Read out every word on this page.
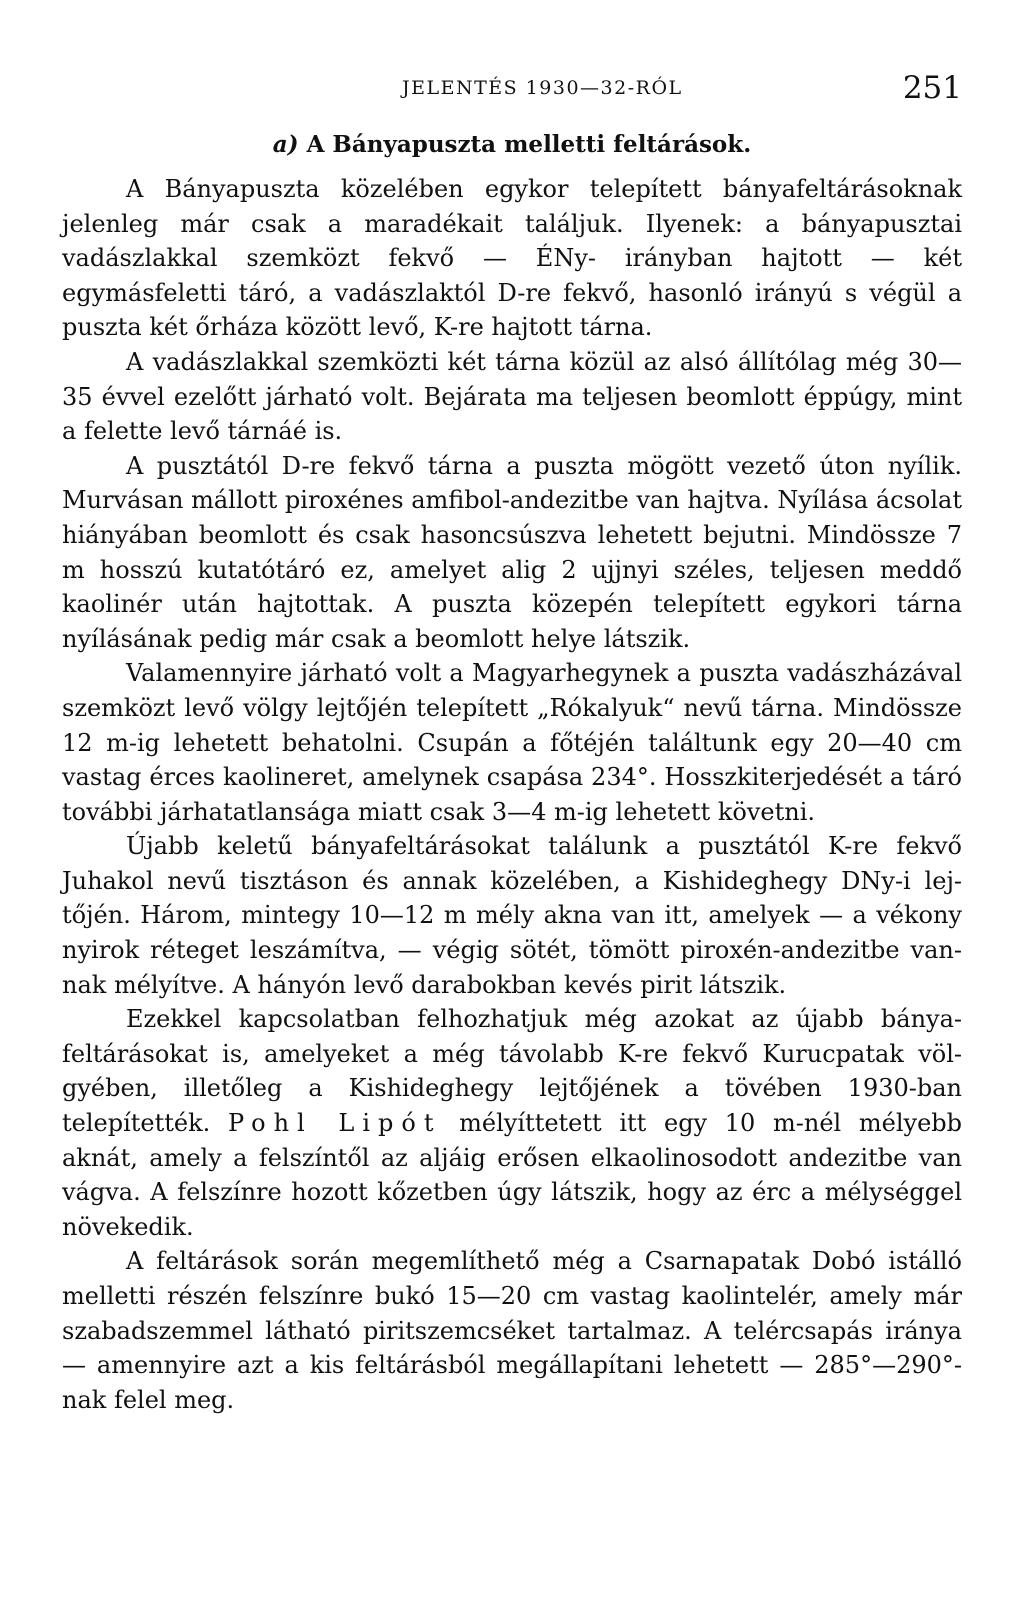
JELENTÉS 1930—32-RÓL	251
a) A Bányapuszta melletti feltárások.

A Bányapuszta közelében egykor telepített bányafeltárásoknak jelenleg már csak a maradékait találjuk. Ilyenek: a bányapusztai vadászlakkal szemközt fekvő — ÉNy- irányban hajtott — két egymásfeletti tárό, a vadászlaktól D-re fekvő, hasonló irányú s végül a puszta két őrháza között levő, K-re hajtott tárna.

A vadászlakkal szemközti két tárna közül az alsó állítólag még 30—35 évvel ezelőtt járható volt. Bejárata ma teljesen beomlott éppúgy, mint a felette levő tárnáé is.

A pusztától D-re fekvő tárna a puszta mögött vezető úton nyílik. Murvásan mállott piroxénes amfibol-andezitbe van hajtva. Nyílása ácsolat hiányában beomlott és csak hasoncsúszva lehetett bejutni. Mindössze 7 m hosszú kutatótáró ez, amelyet alig 2 ujjnyi széles, teljesen meddő kaolinér után hajtottak. A puszta közepén telepített egykori tárna nyílásának pedig már csak a beomlott helye látszik.

Valamennyire járható volt a Magyarhegynek a puszta vadászházával szemközt levő völgy lejtőjén telepített „Rókalyuk“ nevű tárna. Mindössze 12 m-ig lehetett behatolni. Csupán a főtéjén találtunk egy 20—40 cm vastag érces kaolineret, amelynek csapása 234°. Hosszkiterjedését a táró további járhatatlansága miatt csak 3—4 m-ig lehetett követni.

Újabb keletű bányafeltárásokat találunk a pusztától K-re fekvő Juhakol nevű tisztáson és annak közelében, a Kishideghegy DNy-i lejtőjén. Három, mintegy 10—12 m mély akna van itt, amelyek — a vékony nyirok réteget leszámítva, — végig sötét, tömött piroxén-andezitbe vannak mélyítve. A hányón levő darabokban kevés pirit látszik.

Ezekkel kapcsolatban felhozhatjuk még azokat az újabb bányafeltárásokat is, amelyeket a még távolabb K-re fekvő Kurucpatak völgyében, illetőleg a Kishideghegy lejtőjének a tövében 1930-ban telepítették. Pohl Lipót mélyíttetett itt egy 10 m-nél mélyebb aknát, amely a felszíntől az aljáig erősen elkaolinosodott andezitbe van vágva. A felszínre hozott kőzetben úgy látszik, hogy az érc a mélységgel növekedik.

A feltárások során megemlíthető még a Csarnapatak Dobó istálló melletti részén felszínre bukó 15—20 cm vastag kaolintelér, amely már szabadszemmel látható piritszemcséket tartalmaz. A telércsapás iránya — amennyire azt a kis feltárásból megállapítani lehetett — 285°—290°-nak felel meg.
